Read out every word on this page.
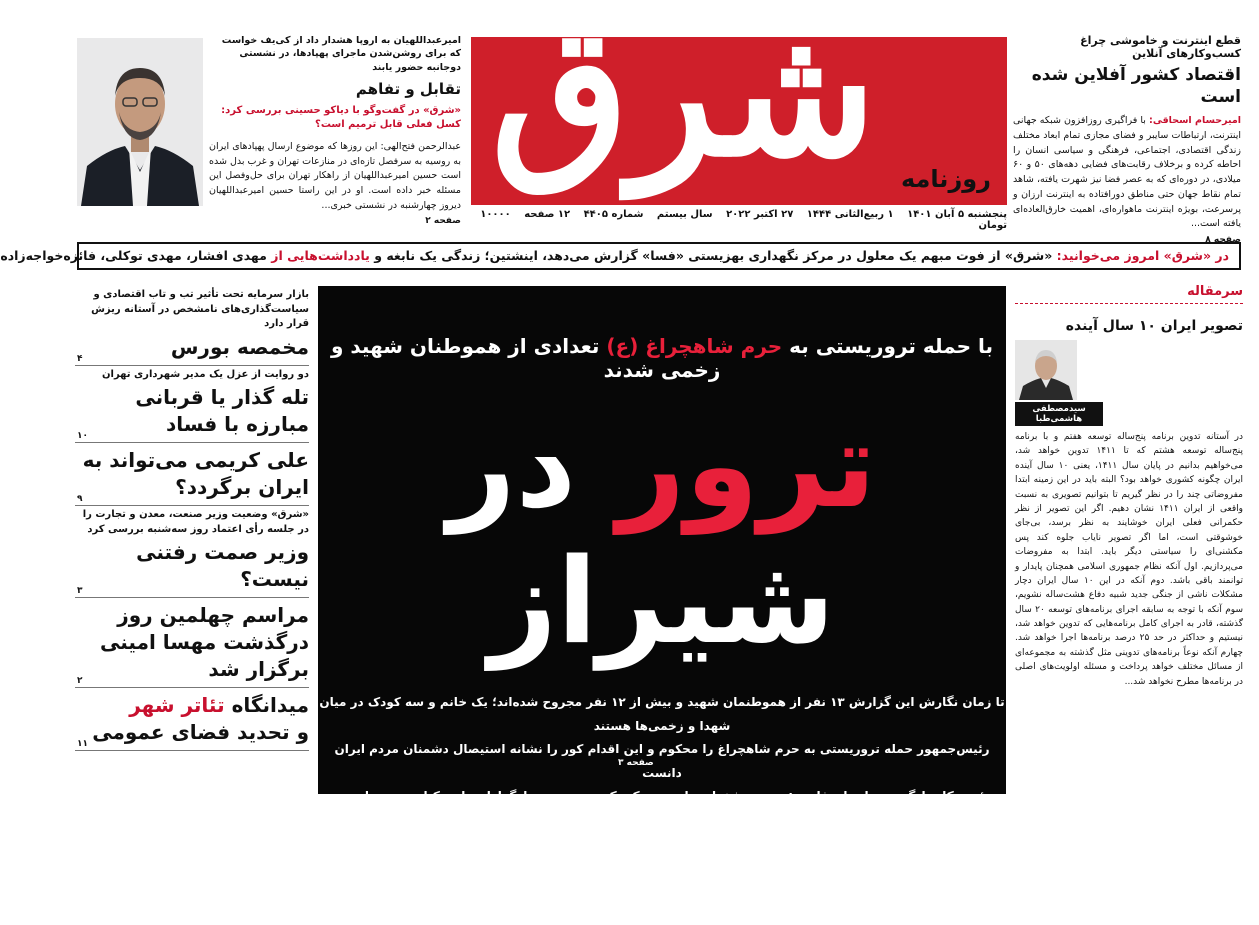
قطع اینترنت و خاموشی چراغ کسب‌وکارهای آنلاین
اقتصاد کشور آفلاین شده است
امیرحسام اسحاقی: با فراگیری روزافزون شبکه جهانی اینترنت، ارتباطات سایبر و فضای مجازی تمام ابعاد مختلف زندگی اقتصادی، اجتماعی، فرهنگی و سیاسی انسان را احاطه کرده و برخلاف رقابت‌های فضایی دهه‌های ۵۰ و ۶۰ میلادی، در دوره‌ای که به عصر فضا نیز شهرت یافته، شاهد تمام نقاط جهان حتی مناطق دورافتاده به اینترنت ارزان و پرسرعت، بویژه اینترنت ماهواره‌ای، اهمیت خارق‌العاده‌ای یافته است...
صفحه ۸
شرق روزنامه
پنجشنبه ۵ آبان ۱۴۰۱ ۱ ربیع‌الثانی ۱۴۴۴ ۲۷ اکتبر ۲۰۲۲ سال بیستم شماره ۴۴۰۵ ۱۲ صفحه ۱۰۰۰۰ تومان
امیرعبداللهیان به اروپا هشدار داد از کی‌یف خواست که برای روشن‌شدن ماجرای پهپادها، در نشستی دوجانبه حضور یابند
تقابل و تفاهم
«شرق» در گفت‌وگو با دیاکو حسینی بررسی کرد: کسل فعلی قابل ترمیم است؟
عبدالرحمن فتح‌الهی: این روزها که موضوع ارسال پهپادهای ایران به روسیه به سرفصل تازه‌ای در منازعات تهران و غرب بدل شده است حسین امیرعبداللهیان از راهکار تهران برای حل‌وفصل این مسئله خبر داده است. او در این راستا حسین امیرعبداللهیان دیروز چهارشنبه در نشستی خبری...
صفحه ۲
در «شرق» امروز می‌خوانید: «شرق» از فوت مبهم یک معلول در مرکز نگهداری بهزیستی «فسا» گزارش می‌دهد، اینشتین؛ زندگی یک نابغه و یادداشت‌هایی از مهدی افشار، مهدی توکلی، فائزه‌خواجه‌زاده
سرمقاله
تصویر ایران ۱۰ سال آینده
سیدمصطفی هاشمی‌طبا
در آستانه تدوین برنامه پنج‌ساله توسعه هفتم و با برنامه پنج‌ساله توسعه هشتم که تا ۱۴۱۱ تدوین خواهد شد، می‌خواهیم بدانیم در پایان سال ۱۴۱۱، یعنی ۱۰ سال آینده ایران چگونه کشوری خواهد بود؟ البته باید در این زمینه ابتدا مفروضاتی چند را در نظر گیریم تا بتوانیم تصویری به نسبت واقعی از ایران ۱۴۱۱ نشان دهیم. اگر این تصویر از نظر حکمرانی فعلی ایران خوشایند به نظر برسد، بی‌جای خوشوقتی است، اما اگر تصویر نایاب جلوه کند پس مکشنی‌ای را سیاستی دیگر باید. ابتدا به مفروضات می‌پردازیم. اول آنکه نظام جمهوری اسلامی همچنان پایدار و توانمند باقی باشد. دوم آنکه در این ۱۰ سال ایران دچار مشکلات ناشی از جنگی جدید شبیه دفاع هشت‌ساله نشویم، سوم آنکه با توجه به سابقه اجرای برنامه‌های توسعه ۲۰ سال گذشته، قادر به اجرای کامل برنامه‌هایی که تدوین خواهد شد، نیستیم و حداکثر در حد ۲۵ درصد برنامه‌ها اجرا خواهد شد. چهارم آنکه نوعاً برنامه‌های تدوینی مثل گذشته به مجموعه‌ای از مسائل مختلف خواهد پرداخت و مسئله اولویت‌های اصلی در برنامه‌ها مطرح نخواهد شد...
با حمله تروریستی به حرم شاهچراغ (ع) تعدادی از هموطنان شهید و زخمی شدند
ترور در شیراز
تا زمان نگارش این گزارش ۱۳ نفر از هموطنمان شهید و بیش از ۱۲ نفر مجروح شده‌اند؛ یک خانم و سه کودک در میان شهدا و زخمی‌ها هستند
رئیس‌جمهور حمله تروریستی به حرم شاهچراغ را محکوم و این اقدام کور را نشانه استیصال دشمنان مردم ایران دانست
رئیس کل دادگستری استان فارس: مردم مشغول نماز بودند که یک تروریست نمازگزاران را در کنار حرم مطهر به رگبار بست
سخنگوی سازمان ملل: حمله به یک مکان مذهبی در ایران و اقدامات تروریستی را محکوم می‌کنیم
رسانه نزدیک به شورای عالی امنیت ملی: تروریست‌ها دارای ملیت ایرانی نیستند
وزیر کشور: این حادثه توطئه و پرده دیگری از جنایات دشمن بود
عامل حادثه تروریستی شاهچراغ، عنصر وهابی - تکفیری است
صفحه ۳
بازار سرمایه تحت تأثیر تب و تاب اقتصادی و سیاست‌گذاری‌های نامشخص در آستانه ریزش قرار دارد
مخمصه بورس
۴
دو روایت از عزل یک مدیر شهرداری تهران
تله گذار یا قربانی مبارزه با فساد
۱۰
علی کریمی می‌تواند به ایران برگردد؟
۹
«شرق» وضعیت وزیر صنعت، معدن و تجارت را در جلسه رأی اعتماد روز سه‌شنبه بررسی کرد
وزیر صمت رفتنی نیست؟
۳
مراسم چهلمین روز درگذشت مهسا امینی برگزار شد
۲
میدانگاه تئاتر شهر
و تحدید فضای عمومی
۱۱
